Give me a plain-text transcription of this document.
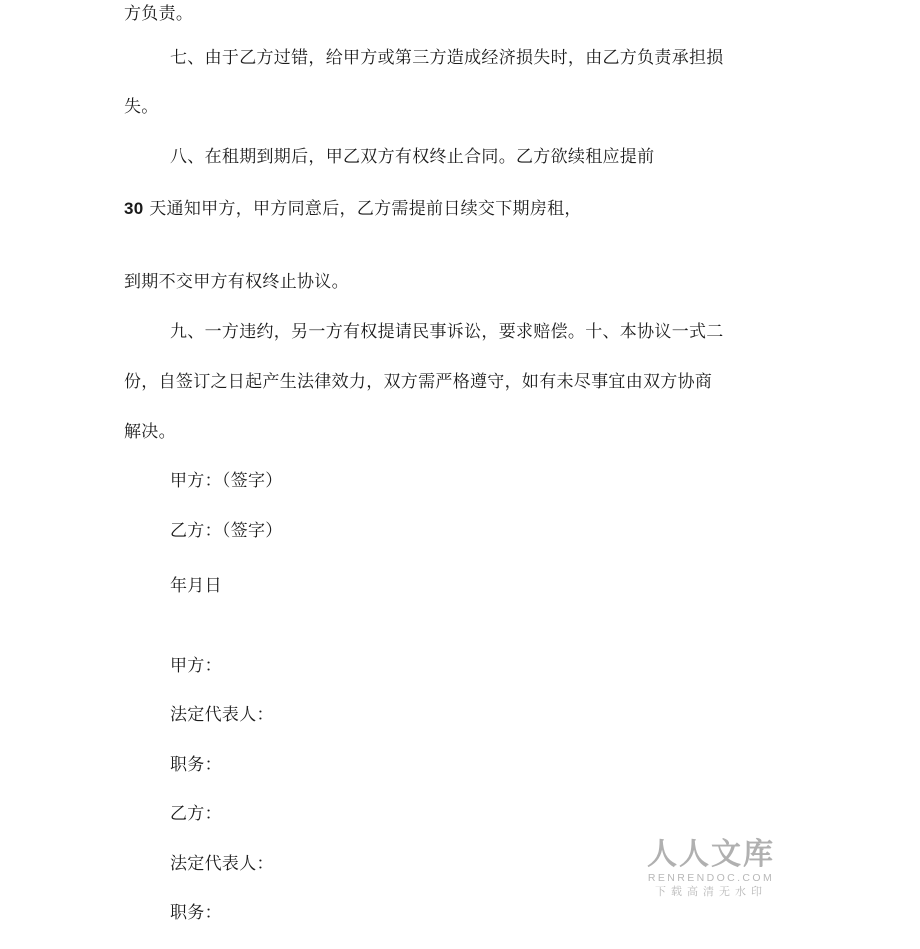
方负责。
七、由于乙方过错，给甲方或第三方造成经济损失时，由乙方负责承担损
失。
八、在租期到期后，甲乙双方有权终止合同。乙方欲续租应提前
30 天通知甲方，甲方同意后，乙方需提前日续交下期房租，
到期不交甲方有权终止协议。
九、一方违约，另一方有权提请民事诉讼，要求赔偿。十、本协议一式二
份，自签订之日起产生法律效力，双方需严格遵守，如有未尽事宜由双方协商
解决。
甲方：（签字）
乙方：（签字）
年月日
甲方：
法定代表人：
职务：
乙方：
法定代表人：
职务：
人人文库
RENRENDOC.COM
下载高清无水印
